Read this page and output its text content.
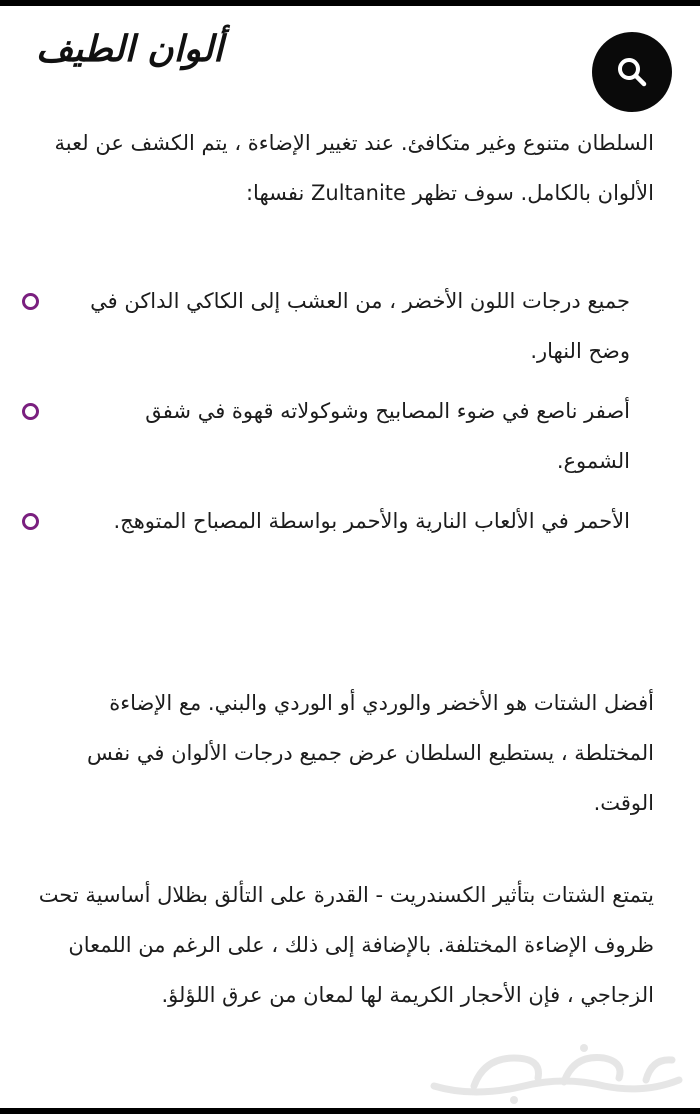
ألوان الطيف

السلطان متنوع وغير متكافئ. عند تغيير الإضاءة ، يتم الكشف عن لعبة الألوان بالكامل. سوف تظهر Zultanite نفسها:

جميع درجات اللون الأخضر ، من العشب إلى الكاكي الداكن في وضح النهار.
أصفر ناصع في ضوء المصابيح وشوكولاته قهوة في شفق الشموع.
الأحمر في الألعاب النارية والأحمر بواسطة المصباح المتوهج.

أفضل الشتات هو الأخضر والوردي أو الوردي والبني. مع الإضاءة المختلطة ، يستطيع السلطان عرض جميع درجات الألوان في نفس الوقت.

يتمتع الشتات بتأثير الكسندريت - القدرة على التألق بظلال أساسية تحت ظروف الإضاءة المختلفة. بالإضافة إلى ذلك ، على الرغم من اللمعان الزجاجي ، فإن الأحجار الكريمة لها لمعان من عرق اللؤلؤ.
